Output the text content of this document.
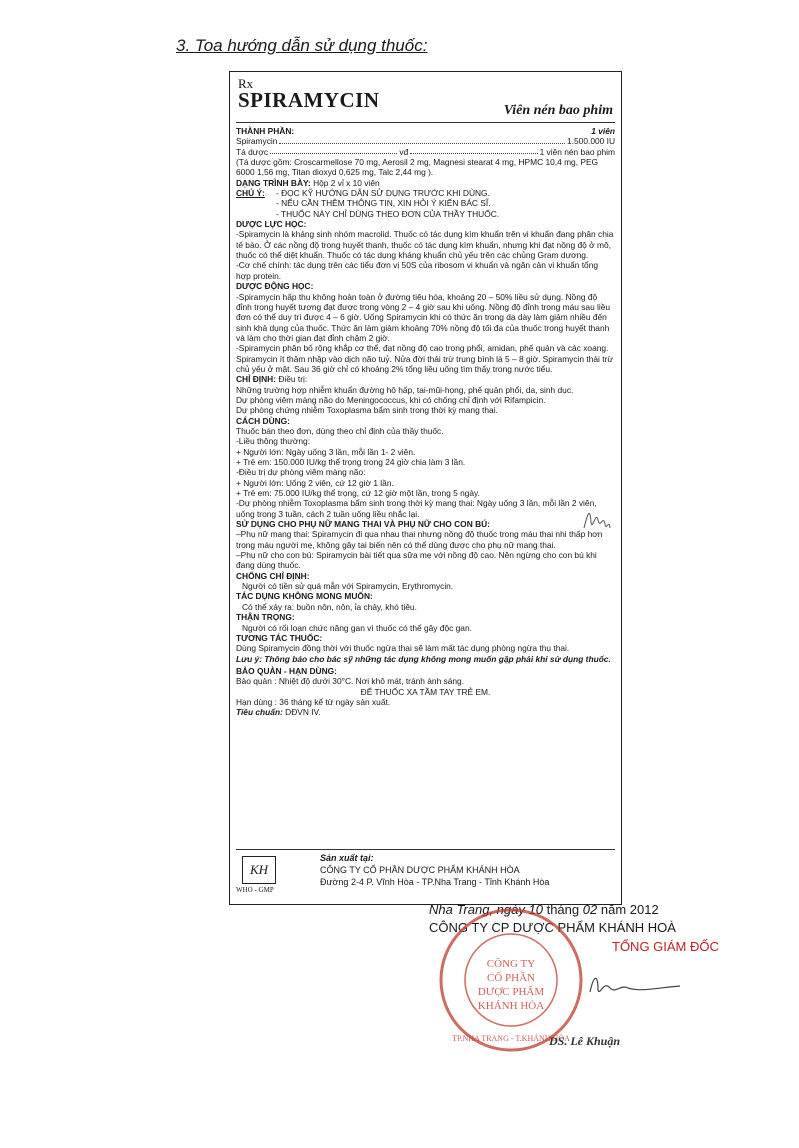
3. Toa hướng dẫn sử dụng thuốc:
Rx
SPIRAMYCIN	Viên nén bao phim
THÀNH PHẦN:	1 viên
Spiramycin	1.500.000 IU
Tá dược	vđ	1 viên nén bao phim

(Tá dược gồm: Croscarmellose 70 mg, Aerosil 2 mg, Magnesi stearat 4 mg, HPMC 10,4 mg, PEG 6000 1,56 mg, Titan dioxyd 0,625 mg, Talc 2,44 mg ).

DẠNG TRÌNH BÀY: Hộp 2 vỉ x 10 viên

CHÚ Ý:	- ĐỌC KỸ HƯỚNG DẪN SỬ DỤNG TRƯỚC KHI DÙNG.

- NẾU CẦN THÊM THÔNG TIN, XIN HỎI Ý KIẾN BÁC SĨ.

- THUỐC NÀY CHỈ DÙNG THEO ĐƠN CỦA THẦY THUỐC.

DƯỢC LỰC HỌC:

-Spiramycin là kháng sinh nhóm macrolid. Thuốc có tác dụng kìm khuẩn trên vi khuẩn đang phân chia tế bào. Ở các nồng độ trong huyết thanh, thuốc có tác dụng kìm khuẩn, nhưng khi đạt nồng độ ở mô, thuốc có thể diệt khuẩn. Thuốc có tác dụng kháng khuẩn chủ yếu trên các chủng Gram dương.

-Cơ chế chính: tác dụng trên các tiểu đơn vị 50S của ribosom vi khuẩn và ngăn cản vi khuẩn tổng hợp protein.

DƯỢC ĐỘNG HỌC:

-Spiramycin hấp thu không hoàn toàn ở đường tiêu hóa, khoảng 20 – 50% liều sử dụng. Nồng độ đỉnh trong huyết tương đạt được trong vòng 2 – 4 giờ sau khi uống. Nồng độ đỉnh trong máu sau liều đơn có thể duy trì được 4 – 6 giờ. Uống Spiramycin khi có thức ăn trong dạ dày làm giảm nhiều đến sinh khả dụng của thuốc. Thức ăn làm giảm khoảng 70% nồng độ tối đa của thuốc trong huyết thanh và làm cho thời gian đạt đỉnh chậm 2 giờ.

-Spiramycin phân bố rộng khắp cơ thể, đạt nồng độ cao trong phổi, amidan, phế quản và các xoang. Spiramycin ít thâm nhập vào dịch não tuỷ. Nửa đời thải trừ trung bình là 5 – 8 giờ. Spiramycin thải trừ chủ yếu ở mật. Sau 36 giờ chỉ có khoảng 2% tổng liều uống tìm thấy trong nước tiểu.

CHỈ ĐỊNH: Điều trị:

Những trường hợp nhiễm khuẩn đường hô hấp, tai-mũi-họng, phế quản phổi, da, sinh dục.

Dự phòng viêm màng não do Meningococcus, khi có chống chỉ định với Rifampicin.

Dự phòng chứng nhiễm Toxoplasma bẩm sinh trong thời kỳ mang thai.

CÁCH DÙNG:

Thuốc bán theo đơn, dùng theo chỉ định của thầy thuốc.

-Liều thông thường:

+ Người lớn: Ngày uống 3 lần, mỗi lần 1- 2 viên.

+ Trẻ em: 150.000 IU/kg thể trọng trong 24 giờ chia làm 3 lần.

-Điều trị dự phòng viêm màng não:

+ Người lớn: Uống 2 viên, cứ 12 giờ 1 lần.

+ Trẻ em: 75.000 IU/kg thể trọng, cứ 12 giờ một lần, trong 5 ngày.

-Dự phòng nhiễm Toxoplasma bẩm sinh trong thời kỳ mang thai: Ngày uống 3 lần, mỗi lần 2 viên, uống trong 3 tuần, cách 2 tuần uống liều nhắc lại.

SỬ DỤNG CHO PHỤ NỮ MANG THAI VÀ PHỤ NỮ CHO CON BÚ:

–Phụ nữ mang thai: Spiramycin đi qua nhau thai nhưng nồng độ thuốc trong máu thai nhi thấp hơn trong máu người mẹ, không gây tai biến nên có thể dùng được cho phụ nữ mang thai.

–Phụ nữ cho con bú: Spiramycin bài tiết qua sữa mẹ với nồng độ cao. Nên ngừng cho con bú khi đang dùng thuốc.

CHỐNG CHỈ ĐỊNH:

Người có tiền sử quá mẫn với Spiramycin, Erythromycin.

TÁC DỤNG KHÔNG MONG MUỐN:

Có thể xảy ra: buồn nôn, nôn, ỉa chảy, khó tiêu.

THẬN TRỌNG:

Người có rối loạn chức năng gan vì thuốc có thể gây độc gan.

TƯƠNG TÁC THUỐC:

Dùng Spiramycin đồng thời với thuốc ngừa thai sẽ làm mất tác dụng phòng ngừa thụ thai.

Lưu ý: Thông báo cho bác sỹ những tác dụng không mong muốn gặp phải khi sử dụng thuốc.

BẢO QUẢN - HẠN DÙNG:

Bảo quản : Nhiệt độ dưới 30°C. Nơi khô mát, tránh ánh sáng.

ĐỂ THUỐC XA TẦM TAY TRẺ EM.

Hạn dùng : 36 tháng kể từ ngày sản xuất.

Tiêu chuẩn: DĐVN IV.

KH
WHO - GMP
Sản xuất tại:
CÔNG TY CỔ PHẦN DƯỢC PHẨM KHÁNH HÒA
Đường 2-4 P. Vĩnh Hòa - TP.Nha Trang - Tỉnh Khánh Hòa
Nha Trang, ngày 10 tháng 02 năm 2012
CÔNG TY CP DƯỢC PHẨM KHÁNH HOÀ
TỔNG GIÁM ĐỐC
CÔNG TY
CỔ PHẦN
DƯỢC PHẨM
KHÁNH HÒA
TP.NHA TRANG - T.KHÁNH HÒA
DS. Lê Khuận
